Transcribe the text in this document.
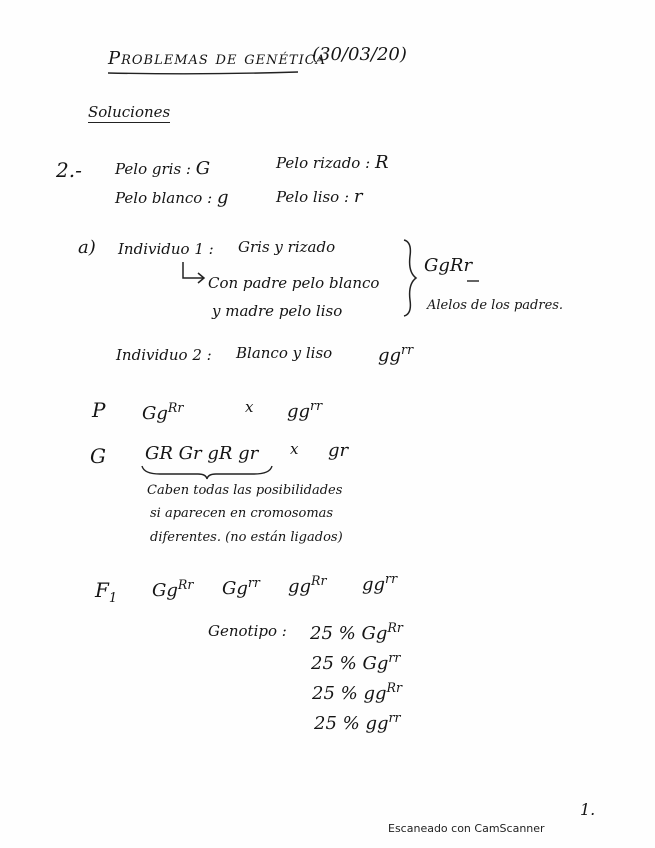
Problemas de genética
(30/03/20)
Soluciones
2.- Pelo gris : G	Pelo rizado : R
Pelo blanco : g	Pelo liso : r
a) Individuo 1 : Gris y rizado
Con padre pelo blanco
y madre pelo liso
GgRr
Alelos de los padres.
Individuo 2 : Blanco y liso	$gg^{rr}$
P $Gg^{Rr}$	x $gg^{rr}$
G GR Gr gR gr x gr
Caben todas las posibilidades
si aparecen en cromosomas
diferentes. (no están ligados)
$F_1$ $Gg^{Rr}$ $Gg^{rr}$ $gg^{Rr}$ $gg^{rr}$
Genotipo : 25 % $Gg^{Rr}$
25 % $Gg^{rr}$
25 % $gg^{Rr}$
25 % $gg^{rr}$
1.
Escaneado con CamScanner
